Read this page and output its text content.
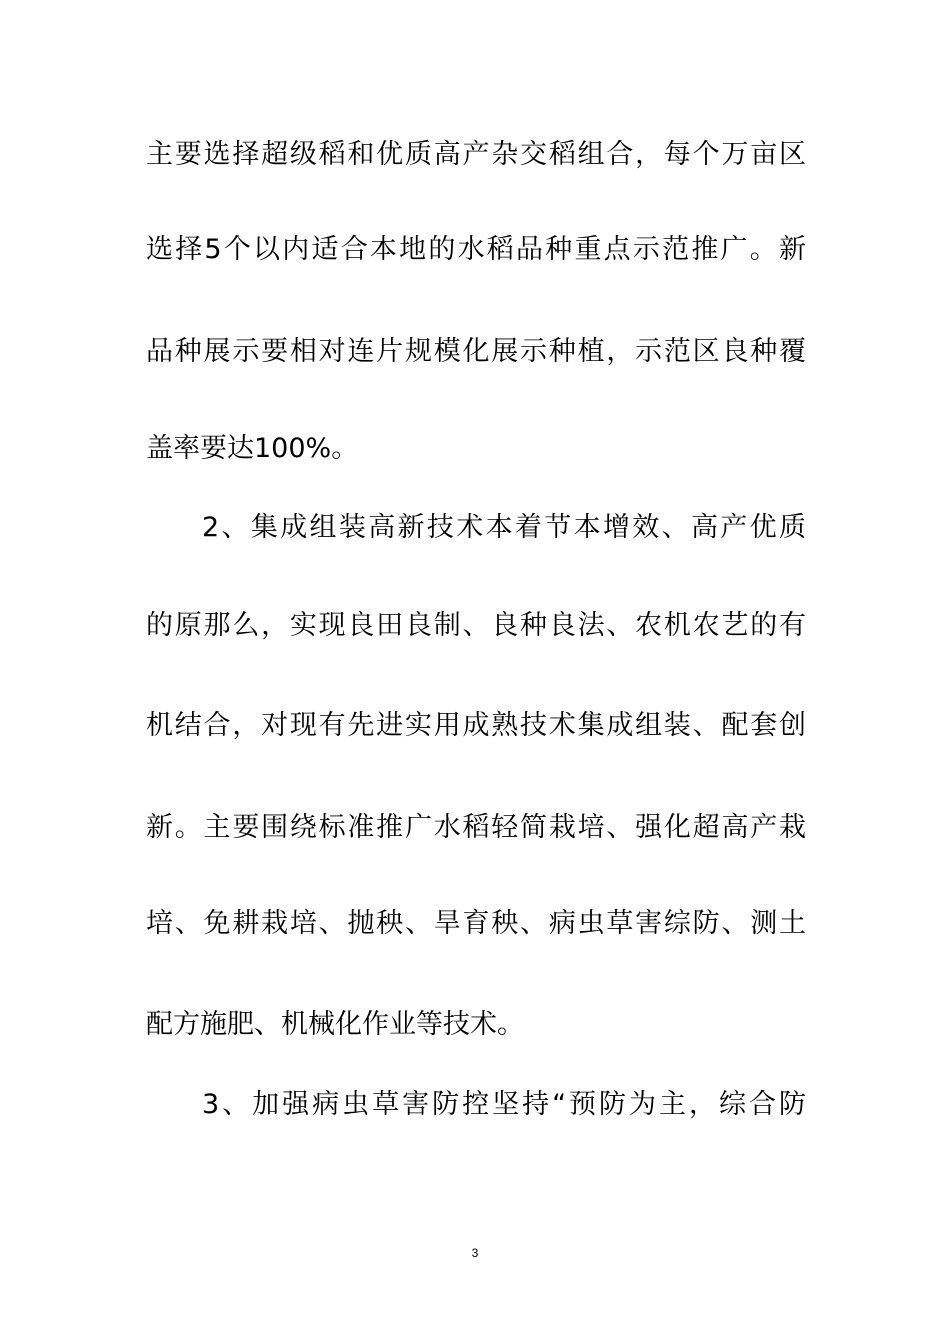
主要选择超级稻和优质高产杂交稻组合，每个万亩区
选择5个以内适合本地的水稻品种重点示范推广。新
品种展示要相对连片规模化展示种植，示范区良种覆
盖率要达100%。
2、集成组装高新技术本着节本增效、高产优质
的原那么，实现良田良制、良种良法、农机农艺的有
机结合，对现有先进实用成熟技术集成组装、配套创
新。主要围绕标准推广水稻轻简栽培、强化超高产栽
培、免耕栽培、抛秧、旱育秧、病虫草害综防、测土
配方施肥、机械化作业等技术。
3、加强病虫草害防控坚持“预防为主，综合防
3
